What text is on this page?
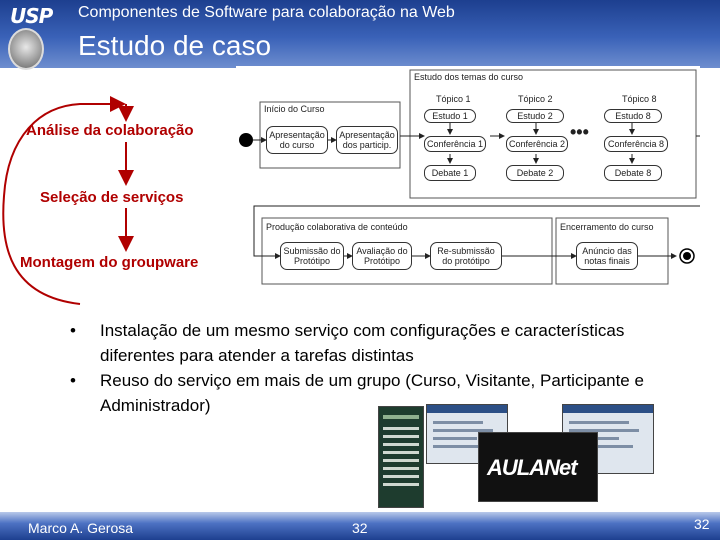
USP	Componentes de Software para colaboração na Web
Estudo de caso
Análise da colaboração
Seleção de serviços
Montagem do groupware
Estudo dos temas do curso
Início do Curso
Produção colaborativa de conteúdo	Encerramento do curso
Apresentação do curso
Apresentação dos particip.
Tópico 1
Estudo 1
Conferência 1
Debate 1
Tópico 2
Estudo 2
Conferência 2
Debate 2
•••
Tópico 8
Estudo 8
Conferência 8
Debate 8
Submissão do Protótipo
Avaliação do Protótipo
Re-submissão do protótipo
Anúncio das notas finais
• Instalação de um mesmo serviço com configurações e características diferentes para atender a tarefas distintas
• Reuso do serviço em mais de um grupo (Curso, Visitante, Participante e Administrador)
AULANet
Marco A. Gerosa	32	32
